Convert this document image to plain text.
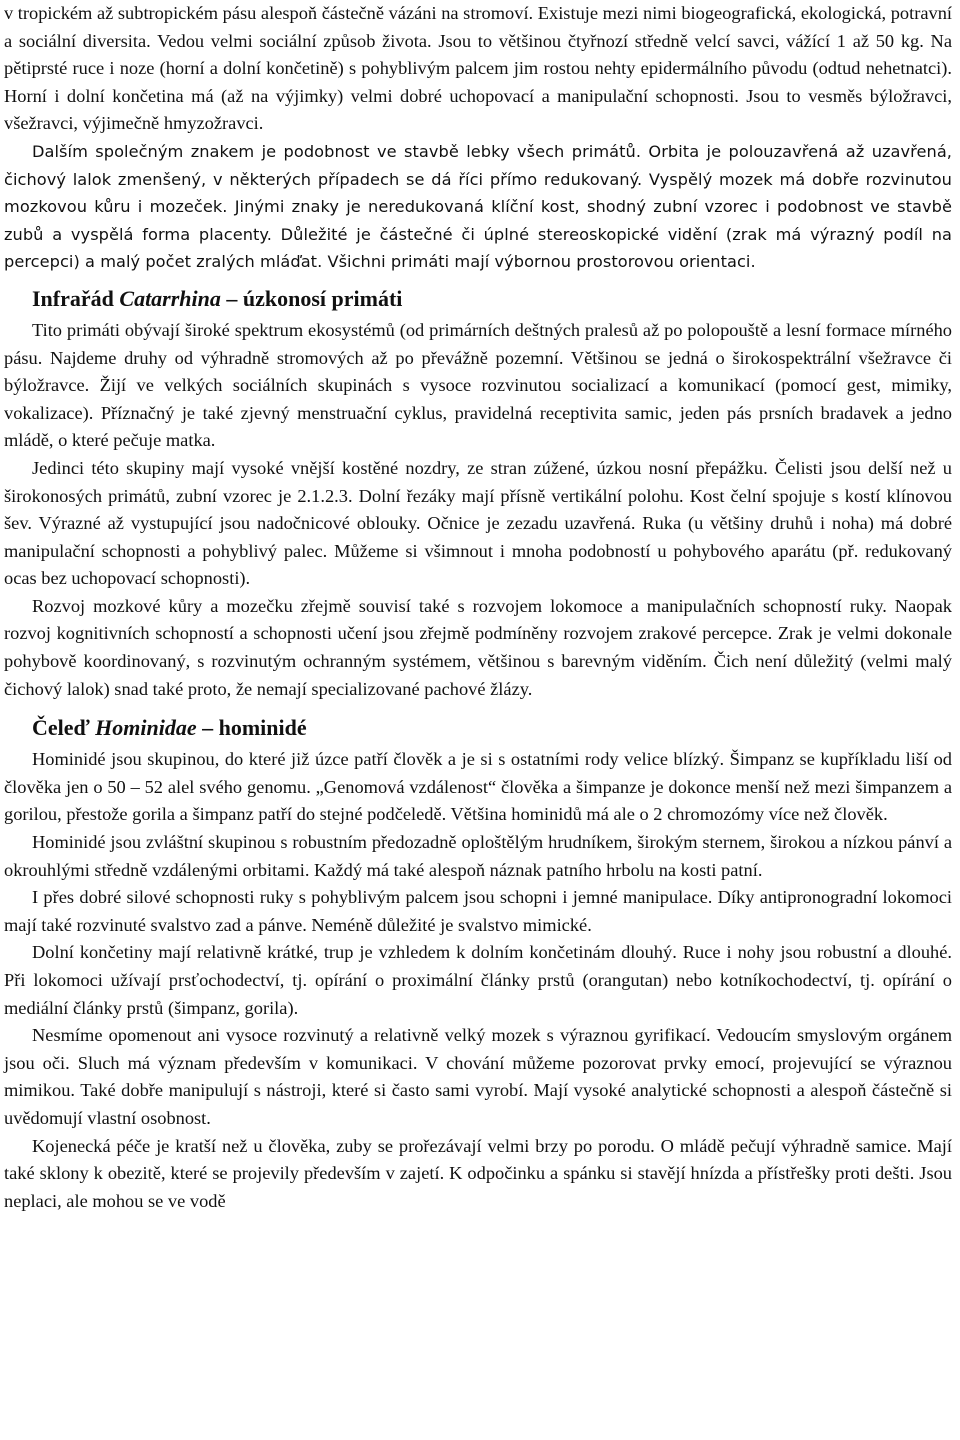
v tropickém až subtropickém pásu alespoň částečně vázáni na stromoví. Existuje mezi nimi biogeografická, ekologická, potravní a sociální diversita. Vedou velmi sociální způsob života. Jsou to většinou čtyřnozí středně velcí savci, vážící 1 až 50 kg. Na pětiprsté ruce i noze (horní a dolní končetině) s pohyblivým palcem jim rostou nehty epidermálního původu (odtud nehetnatci). Horní i dolní končetina má (až na výjimky) velmi dobré uchopovací a manipulační schopnosti. Jsou to vesměs býložravci, všežravci, výjimečně hmyzožravci.

Dalším společným znakem je podobnost ve stavbě lebky všech primátů. Orbita je polouzavřená až uzavřená, čichový lalok zmenšený, v některých případech se dá říci přímo redukovaný. Vyspělý mozek má dobře rozvinutou mozkovou kůru i mozeček. Jinými znaky je neredukovaná klíční kost, shodný zubní vzorec i podobnost ve stavbě zubů a vyspělá forma placenty. Důležité je částečné či úplné stereoskopické vidění (zrak má výrazný podíl na percepci) a malý počet zralých mláďat. Všichni primáti mají výbornou prostorovou orientaci.

Infrařád Catarrhina – úzkonosí primáti

Tito primáti obývají široké spektrum ekosystémů (od primárních deštných pralesů až po polopouště a lesní formace mírného pásu. Najdeme druhy od výhradně stromových až po převážně pozemní. Většinou se jedná o širokospektrální všežravce či býložravce. Žijí ve velkých sociálních skupinách s vysoce rozvinutou socializací a komunikací (pomocí gest, mimiky, vokalizace). Příznačný je také zjevný menstruační cyklus, pravidelná receptivita samic, jeden pás prsních bradavek a jedno mládě, o které pečuje matka.

Jedinci této skupiny mají vysoké vnější kostěné nozdry, ze stran zúžené, úzkou nosní přepážku. Čelisti jsou delší než u širokonosých primátů, zubní vzorec je 2.1.2.3. Dolní řezáky mají přísně vertikální polohu. Kost čelní spojuje s kostí klínovou šev. Výrazné až vystupující jsou nadočnicové oblouky. Očnice je zezadu uzavřená. Ruka (u většiny druhů i noha) má dobré manipulační schopnosti a pohyblivý palec. Můžeme si všimnout i mnoha podobností u pohybového aparátu (př. redukovaný ocas bez uchopovací schopnosti).

Rozvoj mozkové kůry a mozečku zřejmě souvisí také s rozvojem lokomoce a manipulačních schopností ruky. Naopak rozvoj kognitivních schopností a schopnosti učení jsou zřejmě podmíněny rozvojem zrakové percepce. Zrak je velmi dokonale pohybově koordinovaný, s rozvinutým ochranným systémem, většinou s barevným viděním. Čich není důležitý (velmi malý čichový lalok) snad také proto, že nemají specializované pachové žlázy.

Čeleď Hominidae – hominidé

Hominidé jsou skupinou, do které již úzce patří člověk a je si s ostatními rody velice blízký. Šimpanz se kupříkladu liší od člověka jen o 50 – 52 alel svého genomu. „Genomová vzdálenost“ člověka a šimpanze je dokonce menší než mezi šimpanzem a gorilou, přestože gorila a šimpanz patří do stejné podčeledě. Většina hominidů má ale o 2 chromozómy více než člověk.

Hominidé jsou zvláštní skupinou s robustním předozadně oploštělým hrudníkem, širokým sternem, širokou a nízkou pánví a okrouhlými středně vzdálenými orbitami. Každý má také alespoň náznak patního hrbolu na kosti patní.

I přes dobré silové schopnosti ruky s pohyblivým palcem jsou schopni i jemné manipulace. Díky antipronogradní lokomoci mají také rozvinuté svalstvo zad a pánve. Neméně důležité je svalstvo mimické.

Dolní končetiny mají relativně krátké, trup je vzhledem k dolním končetinám dlouhý. Ruce i nohy jsou robustní a dlouhé. Při lokomoci užívají prsťochodectví, tj. opírání o proximální články prstů (orangutan) nebo kotníkochodectví, tj. opírání o mediální články prstů (šimpanz, gorila).

Nesmíme opomenout ani vysoce rozvinutý a relativně velký mozek s výraznou gyrifikací. Vedoucím smyslovým orgánem jsou oči. Sluch má význam především v komunikaci. V chování můžeme pozorovat prvky emocí, projevující se výraznou mimikou. Také dobře manipulují s nástroji, které si často sami vyrobí. Mají vysoké analytické schopnosti a alespoň částečně si uvědomují vlastní osobnost.

Kojenecká péče je kratší než u člověka, zuby se prořezávají velmi brzy po porodu. O mládě pečují výhradně samice. Mají také sklony k obezitě, které se projevily především v zajetí. K odpočinku a spánku si stavějí hnízda a přístřešky proti dešti. Jsou neplaci, ale mohou se ve vodě
